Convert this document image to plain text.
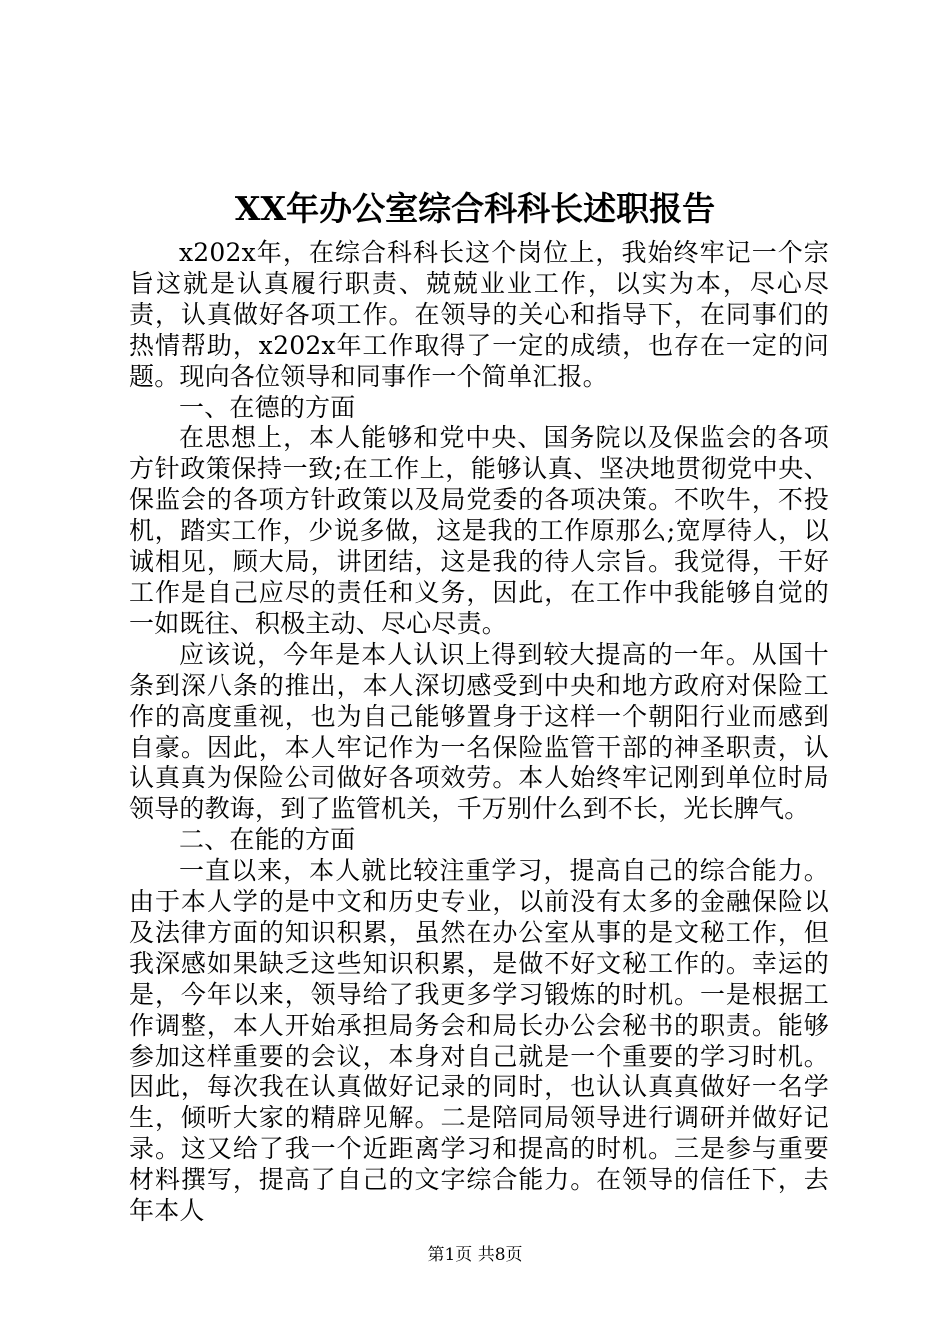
XX年办公室综合科科长述职报告

x202x年，在综合科科长这个岗位上，我始终牢记一个宗旨这就是认真履行职责、兢兢业业工作，以实为本，尽心尽责，认真做好各项工作。在领导的关心和指导下，在同事们的热情帮助，x202x年工作取得了一定的成绩，也存在一定的问题。现向各位领导和同事作一个简单汇报。

一、在德的方面

在思想上，本人能够和党中央、国务院以及保监会的各项方针政策保持一致;在工作上，能够认真、坚决地贯彻党中央、保监会的各项方针政策以及局党委的各项决策。不吹牛，不投机，踏实工作，少说多做，这是我的工作原那么;宽厚待人，以诚相见，顾大局，讲团结，这是我的待人宗旨。我觉得，干好工作是自己应尽的责任和义务，因此，在工作中我能够自觉的一如既往、积极主动、尽心尽责。

应该说，今年是本人认识上得到较大提高的一年。从国十条到深八条的推出，本人深切感受到中央和地方政府对保险工作的高度重视，也为自己能够置身于这样一个朝阳行业而感到自豪。因此，本人牢记作为一名保险监管干部的神圣职责，认认真真为保险公司做好各项效劳。本人始终牢记刚到单位时局领导的教诲，到了监管机关，千万别什么到不长，光长脾气。

二、在能的方面

一直以来，本人就比较注重学习，提高自己的综合能力。由于本人学的是中文和历史专业，以前没有太多的金融保险以及法律方面的知识积累，虽然在办公室从事的是文秘工作，但我深感如果缺乏这些知识积累，是做不好文秘工作的。幸运的是，今年以来，领导给了我更多学习锻炼的时机。一是根据工作调整，本人开始承担局务会和局长办公会秘书的职责。能够参加这样重要的会议，本身对自己就是一个重要的学习时机。因此，每次我在认真做好记录的同时，也认认真真做好一名学生，倾听大家的精辟见解。二是陪同局领导进行调研并做好记录。这又给了我一个近距离学习和提高的时机。三是参与重要材料撰写，提高了自己的文字综合能力。在领导的信任下，去年本人

第1页 共8页
